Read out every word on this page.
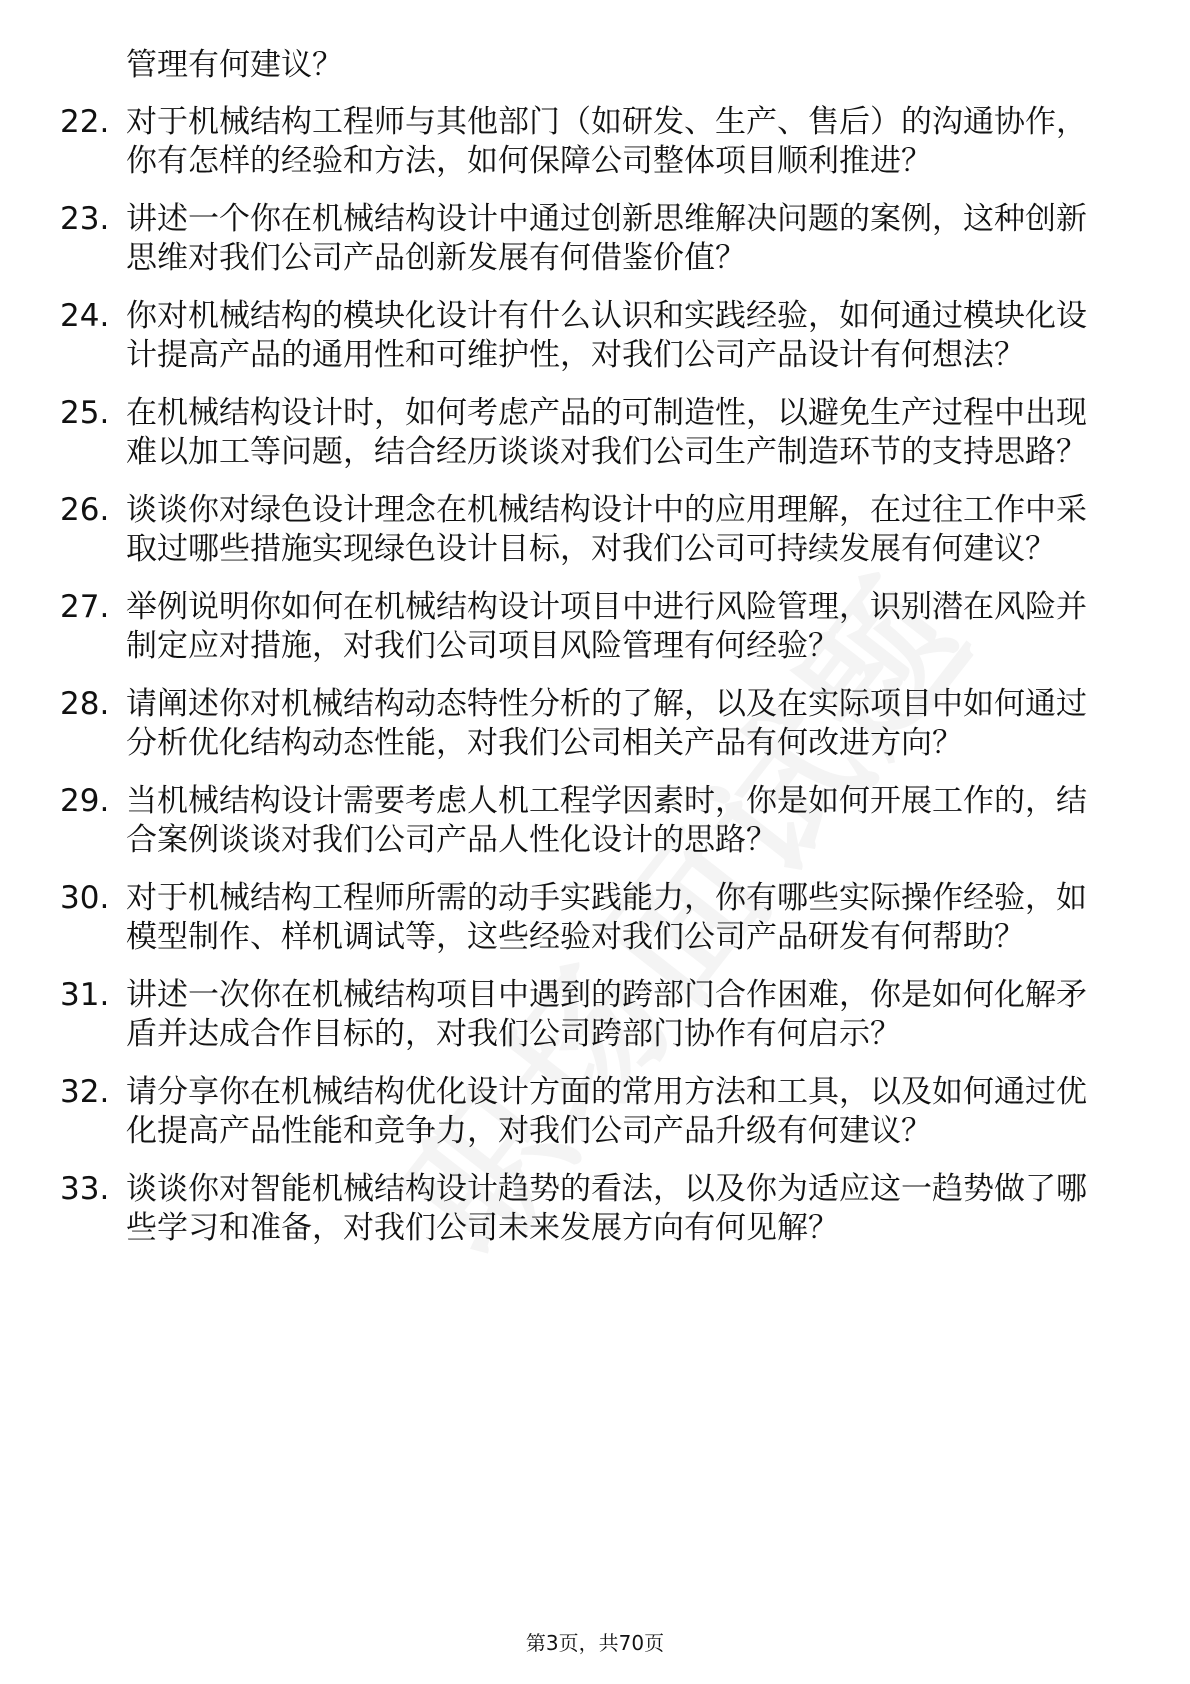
管理有何建议？
22. 对于机械结构工程师与其他部门（如研发、生产、售后）的沟通协作，你有怎样的经验和方法，如何保障公司整体项目顺利推进？
23. 讲述一个你在机械结构设计中通过创新思维解决问题的案例，这种创新思维对我们公司产品创新发展有何借鉴价值？
24. 你对机械结构的模块化设计有什么认识和实践经验，如何通过模块化设计提高产品的通用性和可维护性，对我们公司产品设计有何想法？
25. 在机械结构设计时，如何考虑产品的可制造性，以避免生产过程中出现难以加工等问题，结合经历谈谈对我们公司生产制造环节的支持思路？
26. 谈谈你对绿色设计理念在机械结构设计中的应用理解，在过往工作中采取过哪些措施实现绿色设计目标，对我们公司可持续发展有何建议？
27. 举例说明你如何在机械结构设计项目中进行风险管理，识别潜在风险并制定应对措施，对我们公司项目风险管理有何经验？
28. 请阐述你对机械结构动态特性分析的了解，以及在实际项目中如何通过分析优化结构动态性能，对我们公司相关产品有何改进方向？
29. 当机械结构设计需要考虑人机工程学因素时，你是如何开展工作的，结合案例谈谈对我们公司产品人性化设计的思路？
30. 对于机械结构工程师所需的动手实践能力，你有哪些实际操作经验，如模型制作、样机调试等，这些经验对我们公司产品研发有何帮助？
31. 讲述一次你在机械结构项目中遇到的跨部门合作困难，你是如何化解矛盾并达成合作目标的，对我们公司跨部门协作有何启示？
32. 请分享你在机械结构优化设计方面的常用方法和工具，以及如何通过优化提高产品性能和竞争力，对我们公司产品升级有何建议？
33. 谈谈你对智能机械结构设计趋势的看法，以及你为适应这一趋势做了哪些学习和准备，对我们公司未来发展方向有何见解？
第3页，共70页
